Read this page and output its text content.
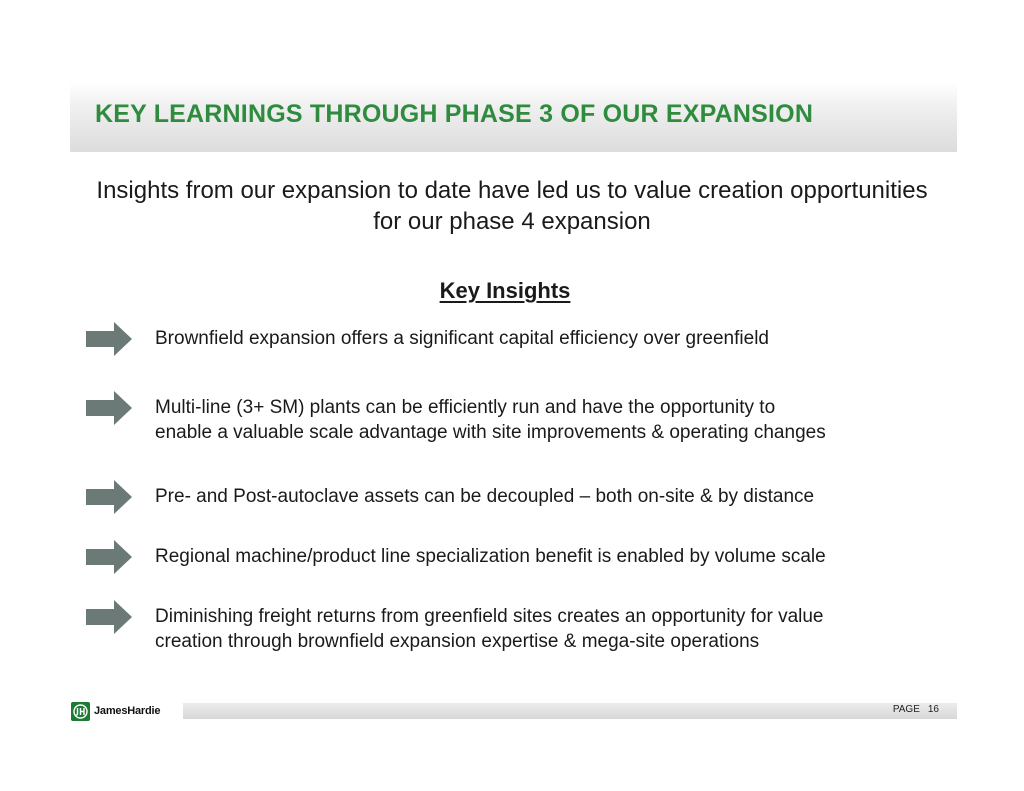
KEY LEARNINGS THROUGH PHASE 3 OF OUR EXPANSION

Insights from our expansion to date have led us to value creation opportunities
for our phase 4 expansion

Key Insights

Brownfield expansion offers a significant capital efficiency over greenfield

Multi-line (3+ SM) plants can be efficiently run and have the opportunity to
enable a valuable scale advantage with site improvements & operating changes

Pre- and Post-autoclave assets can be decoupled – both on-site & by distance

Regional machine/product line specialization benefit is enabled by volume scale

Diminishing freight returns from greenfield sites creates an opportunity for value
creation through brownfield expansion expertise & mega-site operations

JamesHardie	PAGE 16
